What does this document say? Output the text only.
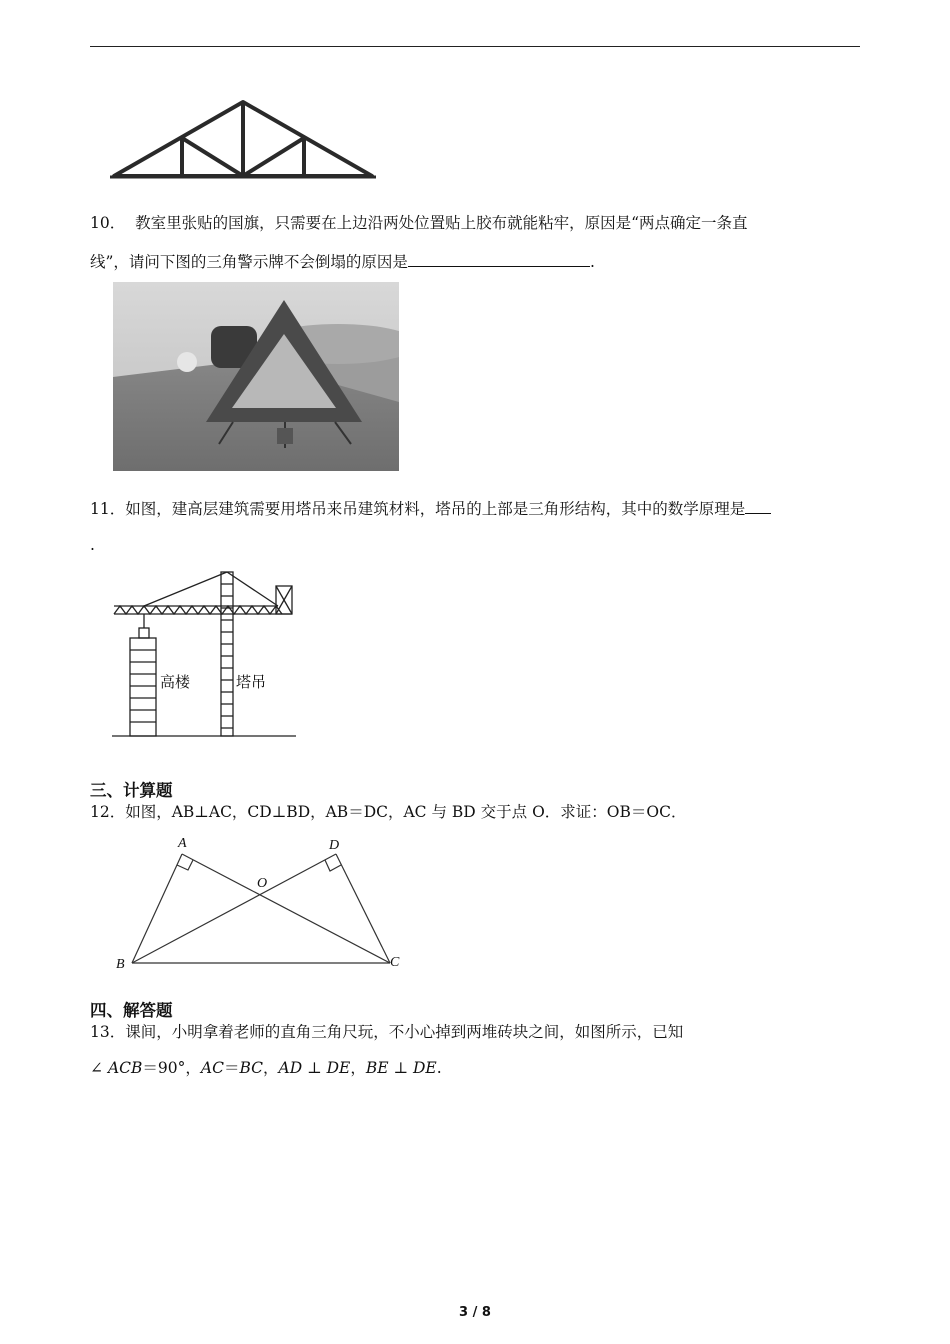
10． 教室里张贴的国旗，只需要在上边沿两处位置贴上胶布就能粘牢，原因是“两点确定一条直
线”，请问下图的三角警示牌不会倒塌的原因是	.
11．如图，建高层建筑需要用塔吊来吊建筑材料，塔吊的上部是三角形结构，其中的数学原理是
.
高楼	塔吊
三、计算题
12．如图，AB⊥AC，CD⊥BD，AB＝DC，AC 与 BD 交于点 O．求证：OB＝OC．
A	D
O
B	C
四、解答题
13．课间，小明拿着老师的直角三角尺玩，不小心掉到两堆砖块之间，如图所示，已知
∠ ACB＝90°，AC＝BC，AD ⊥ DE，BE ⊥ DE.
3 / 8
